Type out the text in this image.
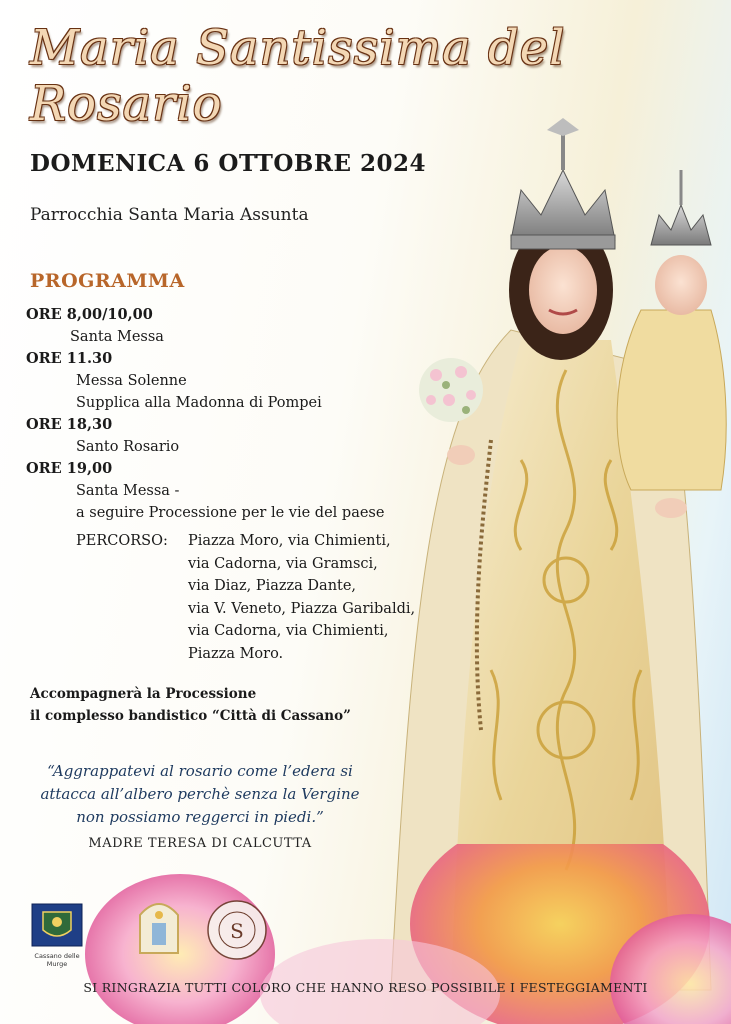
Maria Santissima del Rosario
DOMENICA 6 OTTOBRE 2024
Parrocchia Santa Maria Assunta
PROGRAMMA
ORE 8,00/10,00
Santa Messa
ORE 11.30
Messa Solenne
Supplica alla Madonna di Pompei
ORE 18,30
Santo Rosario
ORE 19,00
Santa Messa -
a seguire Processione per le vie del paese
PERCORSO: Piazza Moro, via Chimienti,
via Cadorna, via Gramsci,
via Diaz, Piazza Dante,
via V. Veneto, Piazza Garibaldi,
via Cadorna, via Chimienti,
Piazza Moro.
Accompagnerà la Processione
il complesso bandistico “Città di Cassano”
“Aggrappatevi al rosario come l’edera si attacca all’albero perchè senza la Vergine non possiamo reggerci in piedi.”
MADRE TERESA DI CALCUTTA
Cassano delle Murge
S
SI RINGRAZIA TUTTI COLORO CHE HANNO RESO POSSIBILE I FESTEGGIAMENTI
